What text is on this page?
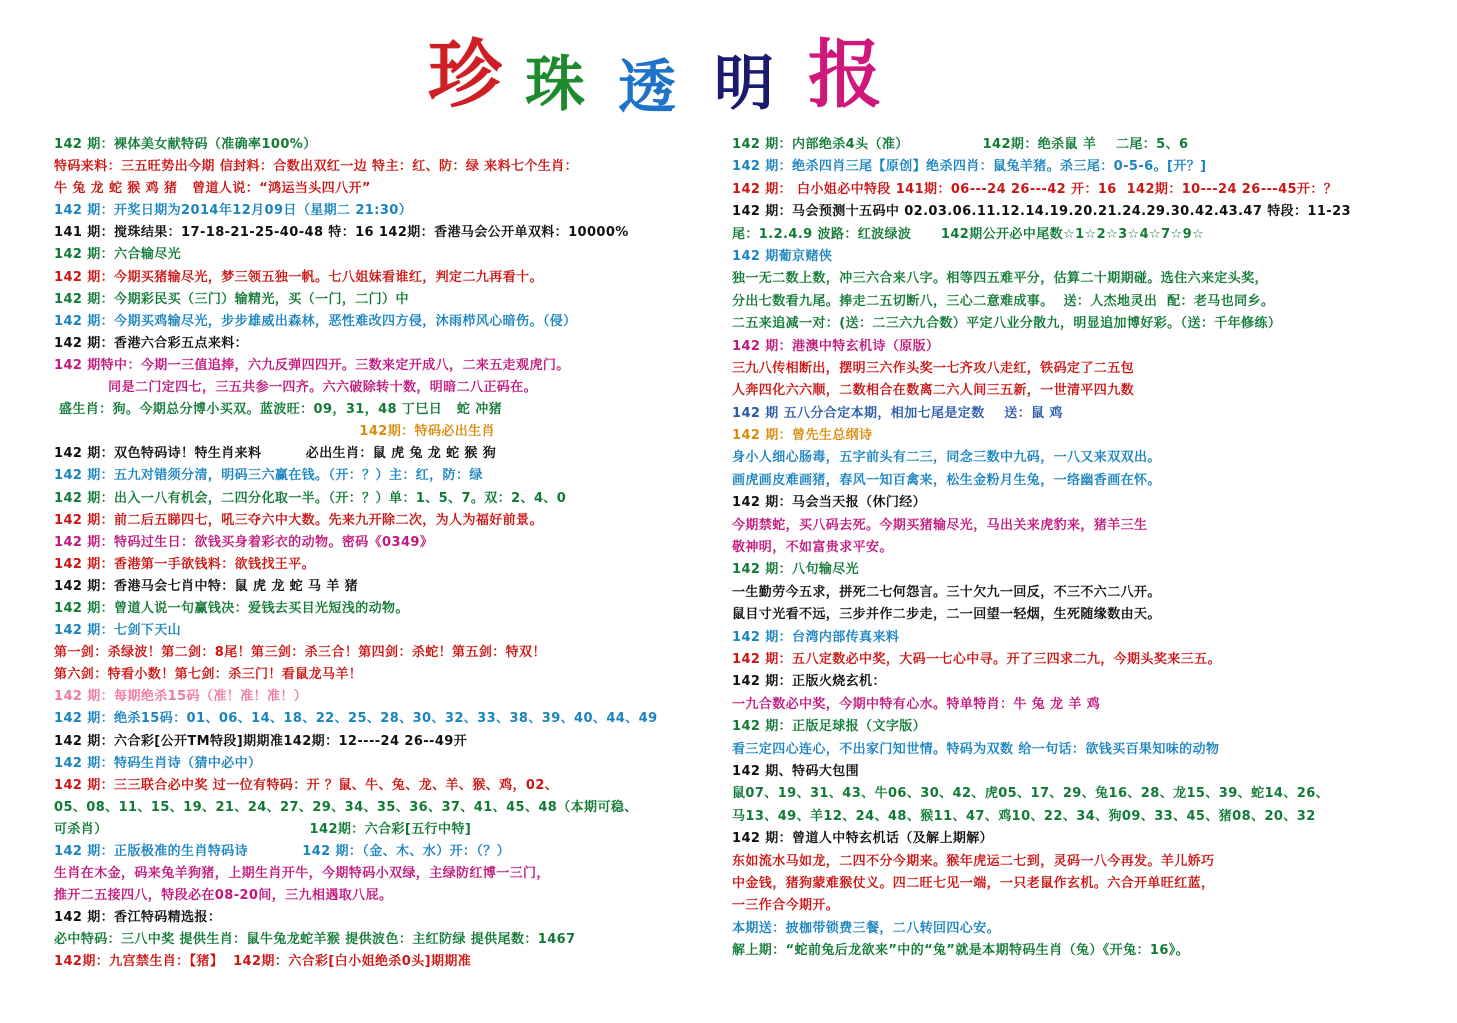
珍 珠 透 明 报
142 期：裸体美女献特码（准确率100%）
特码来料：三五旺势出今期 信封料：合数出双红一边 特主：红、防：绿 来料七个生肖：
牛 兔 龙 蛇 猴 鸡 猪   曾道人说：“鸿运当头四八开”
142 期：开奖日期为2014年12月09日（星期二 21:30）
141 期：搅珠结果：17-18-21-25-40-48 特：16 142期：香港马会公开单双料：10000%
142 期：六合输尽光
142 期：今期买猪输尽光，梦三领五独一帆。七八姐妹看谁红，判定二九再看十。
142 期：今期彩民买（三门）输精光，买（一门，二门）中
142 期：今期买鸡输尽光，步步雄威出森林，恶性难改四方侵，沐雨栉风心暗伤。（侵）
142 期：香港六合彩五点来料：
142 期特中：今期一三值追捧，六九反弹四四开。三数来定开成八，二来五走观虎门。
同是二门定四七，三五共参一四齐。六六破除转十数，明暗二八正码在。
盛生肖：狗。今期总分博小买双。蓝波旺：09，31，48 丁巳日   蛇 冲猪
142期：特码必出生肖
142 期：双色特码诗！特生肖来料         必出生肖：鼠 虎 兔 龙 蛇 猴 狗
142 期：五九对错须分清，明码三六赢在钱。（开：？）主：红，防：绿
142 期：出入一八有机会，二四分化取一半。（开：？）单：1、5、7。双：2、4、0
142 期：前二后五睇四七，吼三夺六中大数。先来九开除二次，为人为福好前景。
142 期：特码过生日：欲钱买身着彩衣的动物。密码《0349》
142 期：香港第一手欲钱料：欲钱找王平。
142 期：香港马会七肖中特：鼠 虎 龙 蛇 马 羊 猪
142 期：曾道人说一句赢钱决：爱钱去买目光短浅的动物。
142 期：七剑下天山
第一剑：杀绿波！第二剑：8尾！第三剑：杀三合！第四剑：杀蛇！第五剑：特双！
第六剑：特看小数！第七剑：杀三门！看鼠龙马羊！
142 期：每期绝杀15码（准！准！准！）
142 期：绝杀15码：01、06、14、18、22、25、28、30、32、33、38、39、40、44、49
142 期：六合彩[公开TM特段]期期准142期：12----24 26--49开
142 期：特码生肖诗（猜中必中）
142 期：三三联合必中奖 过一位有特码：开 ？鼠、牛、兔、龙、羊、猴、鸡，02、
05、08、11、15、19、21、24、27、29、34、35、36、37、41、45、48（本期可稳、
可杀肖）                                         142期：六合彩[五行中特]
142 期：正版极准的生肖特码诗           142 期：（金、木、水）开：（？）
生肖在木金，码来兔羊狗猪，上期生肖开牛，今期特码小双绿，主绿防红博一三门，
推开二五接四八，特段必在08-20间，三九相遇取八屁。
142 期：香江特码精选报：
必中特码：三八中奖 提供生肖：鼠牛兔龙蛇羊猴 提供波色：主红防绿 提供尾数：1467
142期：九宫禁生肖：【猪】  142期：六合彩[白小姐绝杀0头]期期准
142 期：内部绝杀4头（准）               142期：绝杀鼠 羊    二尾：5、6
142 期：绝杀四肖三尾【原创】绝杀四肖：鼠兔羊猪。杀三尾：0-5-6。[开？]
142 期： 白小姐必中特段 141期：06---24 26---42 开：16  142期：10---24 26---45开：？
142 期：马会预测十五码中 02.03.06.11.12.14.19.20.21.24.29.30.42.43.47 特段：11-23
尾：1.2.4.9 波路：红波绿波      142期公开必中尾数☆1☆2☆3☆4☆7☆9☆
142 期葡京赌侠
独一无二数上数，冲三六合来八字。相等四五难平分，估算二十期期碰。选住六来定头奖，
分出七数看九尾。捧走二五切断八，三心二意难成事。  送：人杰地灵出  配：老马也同乡。
二五来追减一对：(送：二三六九合数）平定八业分散九，明显追加博好彩。（送：千年修练）
142 期：港澳中特玄机诗（原版）
三九八传相断出，摆明三六作头奖一七齐攻八走红，铁码定了二五包
人奔四化六六顺，二数相合在数离二六人间三五新，一世清平四九数
142 期 五八分合定本期，相加七尾是定数    送：鼠 鸡
142 期：曾先生总纲诗
身小人细心肠毒，五字前头有二三，同念三数中九码，一八又来双双出。
画虎画皮难画猪，春风一知百禽来，松生金粉月生兔，一络幽香画在怀。
142 期：马会当天报（休门经）
今期禁蛇，买八码去死。今期买猪输尽光，马出关来虎豹来，猪羊三生
敬神明，不如富贵求平安。
142 期：八句输尽光
一生勤劳今五求，拼死二七何怨言。三十欠九一回反，不三不六二八开。
鼠目寸光看不远，三步并作二步走，二一回望一轻烟，生死随缘数由天。
142 期：台湾内部传真来料
142 期：五八定数必中奖，大码一七心中寻。开了三四求二九，今期头奖来三五。
142 期：正版火烧玄机：
一九合数必中奖，今期中特有心水。特单特肖：牛 兔 龙 羊 鸡
142 期：正版足球报（文字版）
看三定四心连心，不出家门知世情。特码为双数 给一句话：欲钱买百果知味的动物
142 期、特码大包围
鼠07、19、31、43、牛06、30、42、虎05、17、29、兔16、28、龙15、39、蛇14、26、
马13、49、羊12、24、48、猴11、47、鸡10、22、34、狗09、33、45、猪08、20、32
142 期：曾道人中特玄机话（及解上期解）
东如流水马如龙，二四不分今期来。猴年虎运二七到，灵码一八今再发。羊儿娇巧
中金钱，猪狗蒙难猴仗义。四二旺七见一端，一只老鼠作玄机。六合开单旺红蓝，
一三作合今期开。
本期送：披枷带锁费三餐，二八转回四心安。
解上期：“蛇前兔后龙欲来”中的“兔”就是本期特码生肖（兔）《开兔：16》。
